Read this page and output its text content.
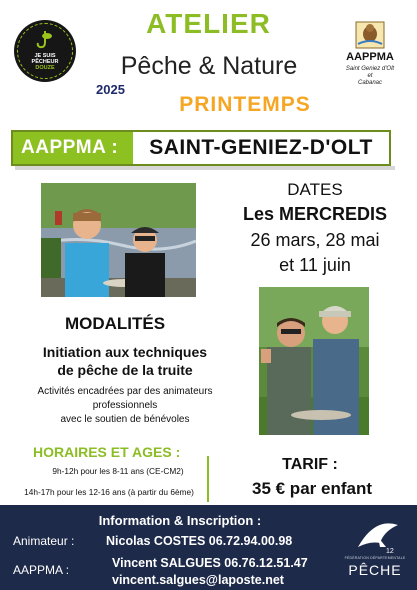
JE SUIS
PÊCHEUR
DOUZE
ATELIER
Pêche & Nature
2025
PRINTEMPS
AAPPMA
Saint Geniez d'Olt
et
Cabanac
AAPPMA :	SAINT-GENIEZ-D'OLT
DATES
Les MERCREDIS
26 mars, 28 mai
et 11 juin
MODALITÉS
Initiation aux techniques
de pêche de la truite
Activités encadrées par des animateurs
professionnels
avec le soutien de bénévoles
HORAIRES ET AGES :
9h-12h pour les 8-11 ans (CE-CM2)
14h-17h pour les 12-16 ans (à partir du 6ème)
TARIF :
35 € par enfant
Information & Inscription :
Animateur :	Nicolas COSTES 06.72.94.00.98
AAPPMA :	Vincent SALGUES 06.76.12.51.47
vincent.salgues@laposte.net
12
FÉDÉRATION DÉPARTEMENTALE
PÊCHE
